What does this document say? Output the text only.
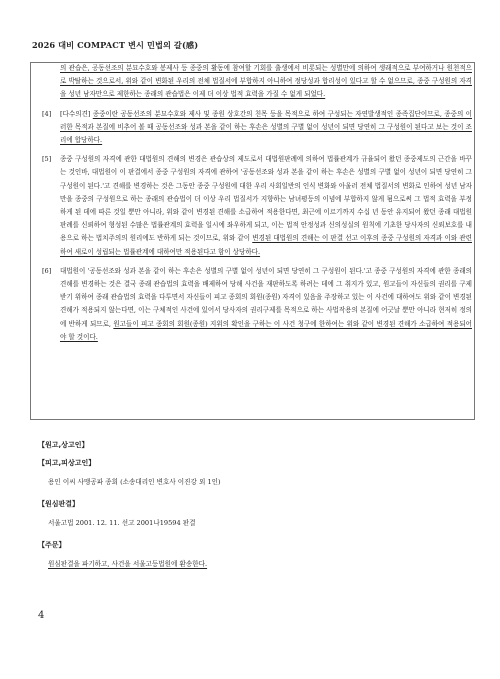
2026 대비 COMPACT 변시 민법의 갈(感)
의 관습은, 공동선조의 분묘수호와 봉제사 등 종중의 활동에 참여할 기회를 출생에서 비롯되는 성별만에 의하여 생래적으로 부여하거나 원천적으로 박탈하는 것으로서, 위와 같이 변화된 우리의 전체 법질서에 부합하지 아니하여 정당성과 합리성이 있다고 할 수 없으므로, 종중 구성원의 자격을 성년 남자만으로 제한하는 종래의 관습법은 이제 더 이상 법적 효력을 가질 수 없게 되었다.
[4] [다수의견] 종중이란 공동선조의 분묘수호와 제사 및 종원 상호간의 친목 등을 목적으로 하여 구성되는 자연발생적인 종족집단이므로, 종중의 이러한 목적과 본질에 비추어 볼 때 공동선조와 성과 본을 같이 하는 후손은 성별의 구별 없이 성년이 되면 당연히 그 구성원이 된다고 보는 것이 조리에 합당하다.
[5] 종중 구성원의 자격에 관한 대법원의 견해의 변경은 관습상의 제도로서 대법원판례에 의하여 법률관계가 규율되어 왔던 종중제도의 근간을 바꾸는 것인바, 대법원이 이 판결에서 종중 구성원의 자격에 관하여 '공동선조와 성과 본을 같이 하는 후손은 성별의 구별 없이 성년이 되면 당연히 그 구성원이 된다.'고 견해를 변경하는 것은 그동안 종중 구성원에 대한 우리 사회일반의 인식 변화와 아울러 전체 법질서의 변화로 인하여 성년 남자만을 종중의 구성원으로 하는 종래의 관습법이 더 이상 우리 법질서가 지향하는 남녀평등의 이념에 부합하지 않게 됨으로써 그 법적 효력을 부정하게 된 데에 따른 것일 뿐만 아니라, 위와 같이 변경된 견해를 소급하여 적용한다면, 최근에 이르기까지 수십 년 동안 유지되어 왔던 종래 대법원판례를 신뢰하여 형성된 수많은 법률관계의 효력을 일시에 좌우하게 되고, 이는 법적 안정성과 신의성실의 원칙에 기초한 당사자의 신뢰보호를 내용으로 하는 법치주의의 원리에도 반하게 되는 것이므로, 위와 같이 변경된 대법원의 견해는 이 판결 선고 이후의 종중 구성원의 자격과 이와 관련하여 새로이 성립되는 법률관계에 대하여만 적용된다고 함이 상당하다.
[6] 대법원이 '공동선조와 성과 본을 같이 하는 후손은 성별의 구별 없이 성년이 되면 당연히 그 구성원이 된다.'고 종중 구성원의 자격에 관한 종래의 견해를 변경하는 것은 결국 종래 관습법의 효력을 배제하여 당해 사건을 재판하도록 하려는 데에 그 취지가 있고, 원고들이 자신들의 권리를 구제받기 위하여 종래 관습법의 효력을 다투면서 자신들이 피고 종회의 회원(종원) 자격이 있음을 주장하고 있는 이 사건에 대하여도 위와 같이 변경된 견해가 적용되지 않는다면, 이는 구체적인 사건에 있어서 당사자의 권리구제를 목적으로 하는 사법작용의 본질에 어긋날 뿐만 아니라 현저히 정의에 반하게 되므로, 원고들이 피고 종회의 회원(종원) 지위의 확인을 구하는 이 사건 청구에 한하여는 위와 같이 변경된 견해가 소급하여 적용되어야 할 것이다.
【원고,상고인】
【피고,피상고인】
용인 이씨 사맹공파 종회 (소송대리인 변호사 이진강 외 1인)
【원심판결】
서울고법 2001. 12. 11. 선고 2001나19594 판결
【주문】
원심판결을 파기하고, 사건을 서울고등법원에 환송한다.
4
